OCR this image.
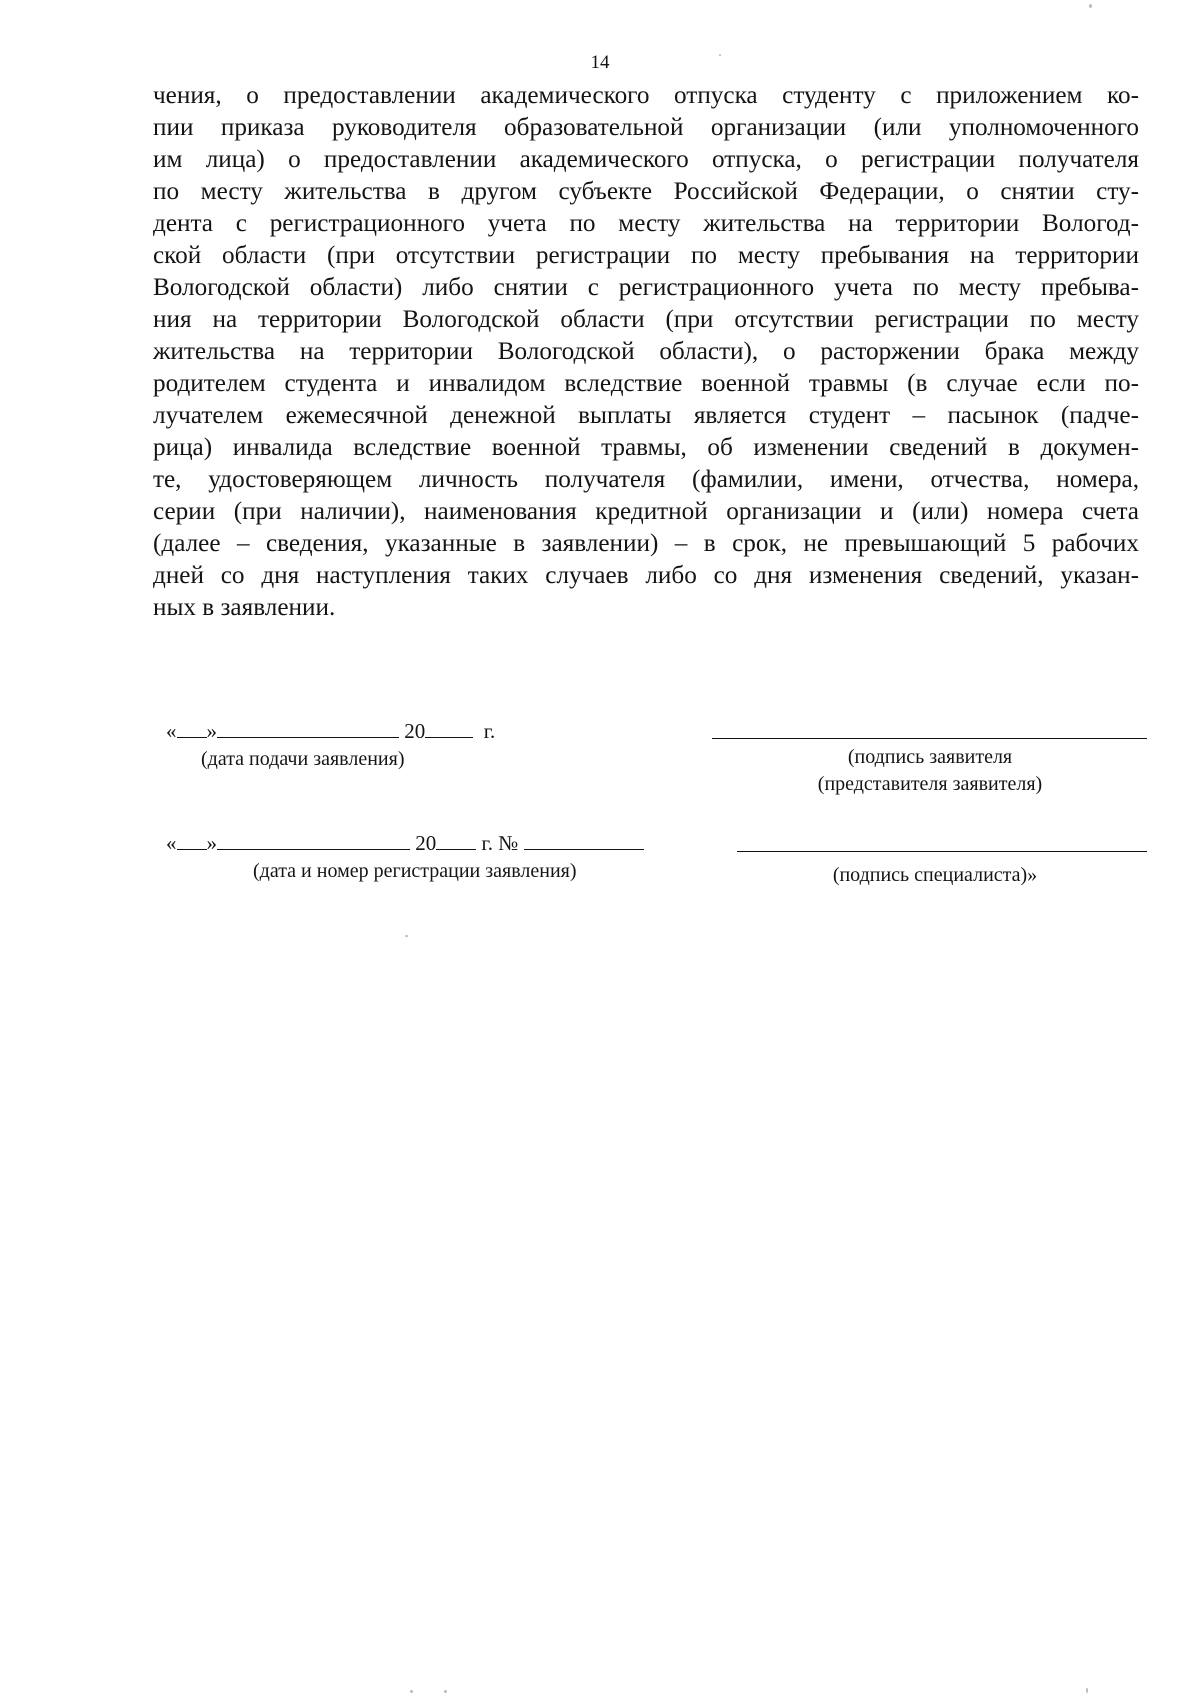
14
чения, о предоставлении академического отпуска студенту с приложением ко-
пии приказа руководителя образовательной организации (или уполномоченного
им лица) о предоставлении академического отпуска, о регистрации получателя
по месту жительства в другом субъекте Российской Федерации, о снятии сту-
дента с регистрационного учета по месту жительства на территории Вологод-
ской области (при отсутствии регистрации по месту пребывания на территории
Вологодской области) либо снятии с регистрационного учета по месту пребыва-
ния на территории Вологодской области (при отсутствии регистрации по месту
жительства на территории Вологодской области), о расторжении брака между
родителем студента и инвалидом вследствие военной травмы (в случае если по-
лучателем ежемесячной денежной выплаты является студент – пасынок (падче-
рица) инвалида вследствие военной травмы, об изменении сведений в докумен-
те, удостоверяющем личность получателя (фамилии, имени, отчества, номера,
серии (при наличии), наименования кредитной организации и (или) номера счета
(далее – сведения, указанные в заявлении) – в срок, не превышающий 5 рабочих
дней со дня наступления таких случаев либо со дня изменения сведений, указан-
ных в заявлении.
« »	20	г.
(дата подачи заявления)	(подпись заявителя
(представителя заявителя)
« »	20 г. №
(дата и номер регистрации заявления)	(подпись специалиста)»
